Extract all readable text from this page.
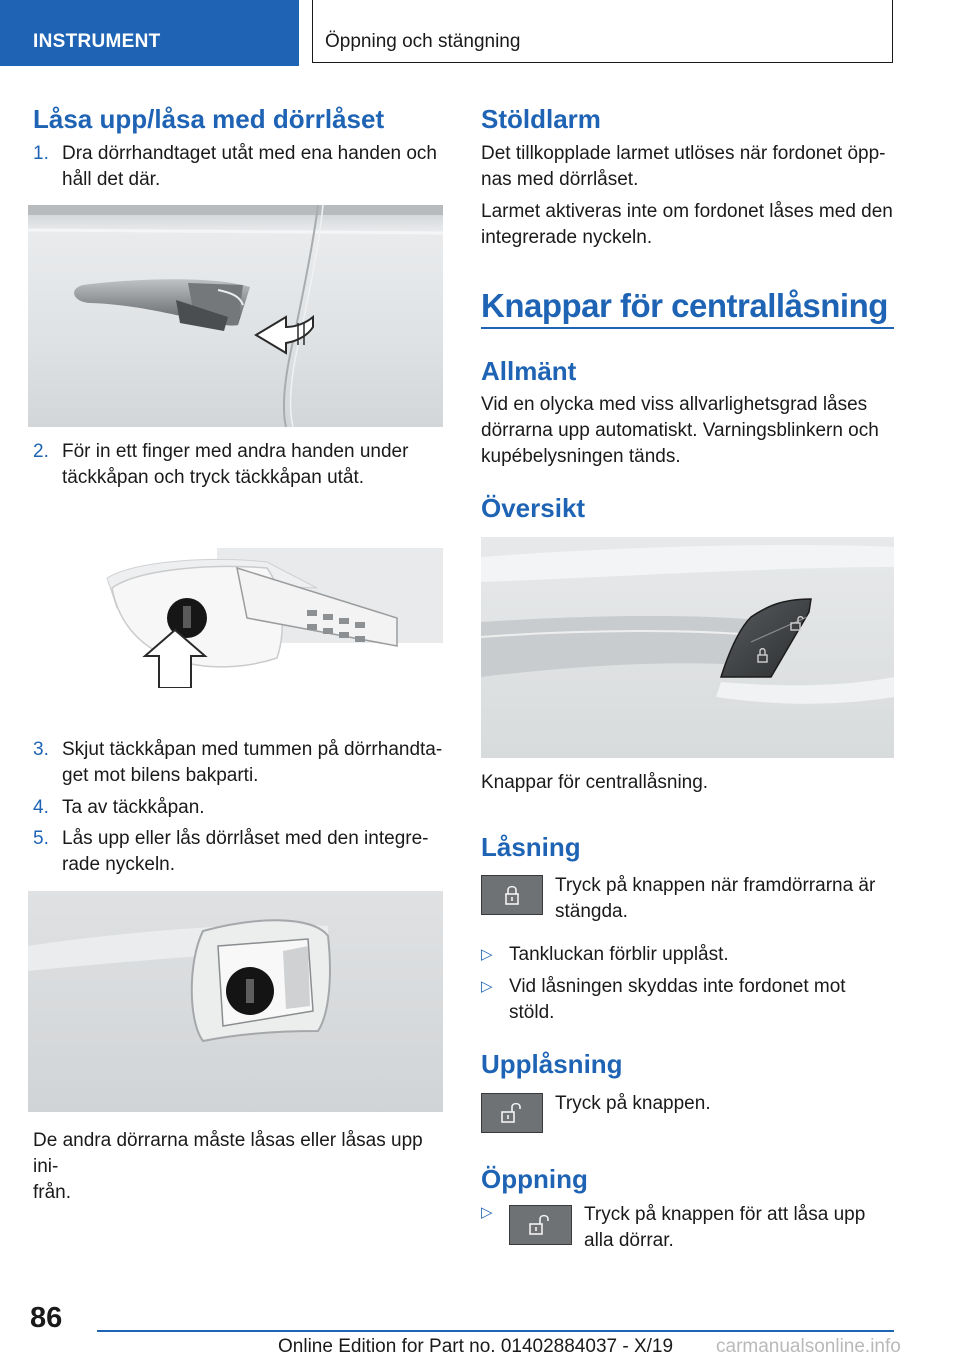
INSTRUMENT	Öppning och stängning
Låsa upp/låsa med dörrlåset
1. Dra dörrhandtaget utåt med ena handen och
håll det där.
2. För in ett finger med andra handen under
täckkåpan och tryck täckkåpan utåt.
3. Skjut täckkåpan med tummen på dörrhandta‐
get mot bilens bakparti.
4. Ta av täckkåpan.
5. Lås upp eller lås dörrlåset med den integre‐
rade nyckeln.
De andra dörrarna måste låsas eller låsas upp ini‐
från.
Stöldlarm
Det tillkopplade larmet utlöses när fordonet öpp‐
nas med dörrlåset.
Larmet aktiveras inte om fordonet låses med den
integrerade nyckeln.
Knappar för centrallåsning
Allmänt
Vid en olycka med viss allvarlighetsgrad låses
dörrarna upp automatiskt. Varningsblinkern och
kupébelysningen tänds.
Översikt
Knappar för centrallåsning.
Låsning
Tryck på knappen när framdörrarna är
stängda.
▷ Tankluckan förblir upplåst.
▷ Vid låsningen skyddas inte fordonet mot
stöld.
Upplåsning
Tryck på knappen.
Öppning
▷	Tryck på knappen för att låsa upp
alla dörrar.
86
Online Edition for Part no. 01402884037 - X/19 carmanualsonline.info
